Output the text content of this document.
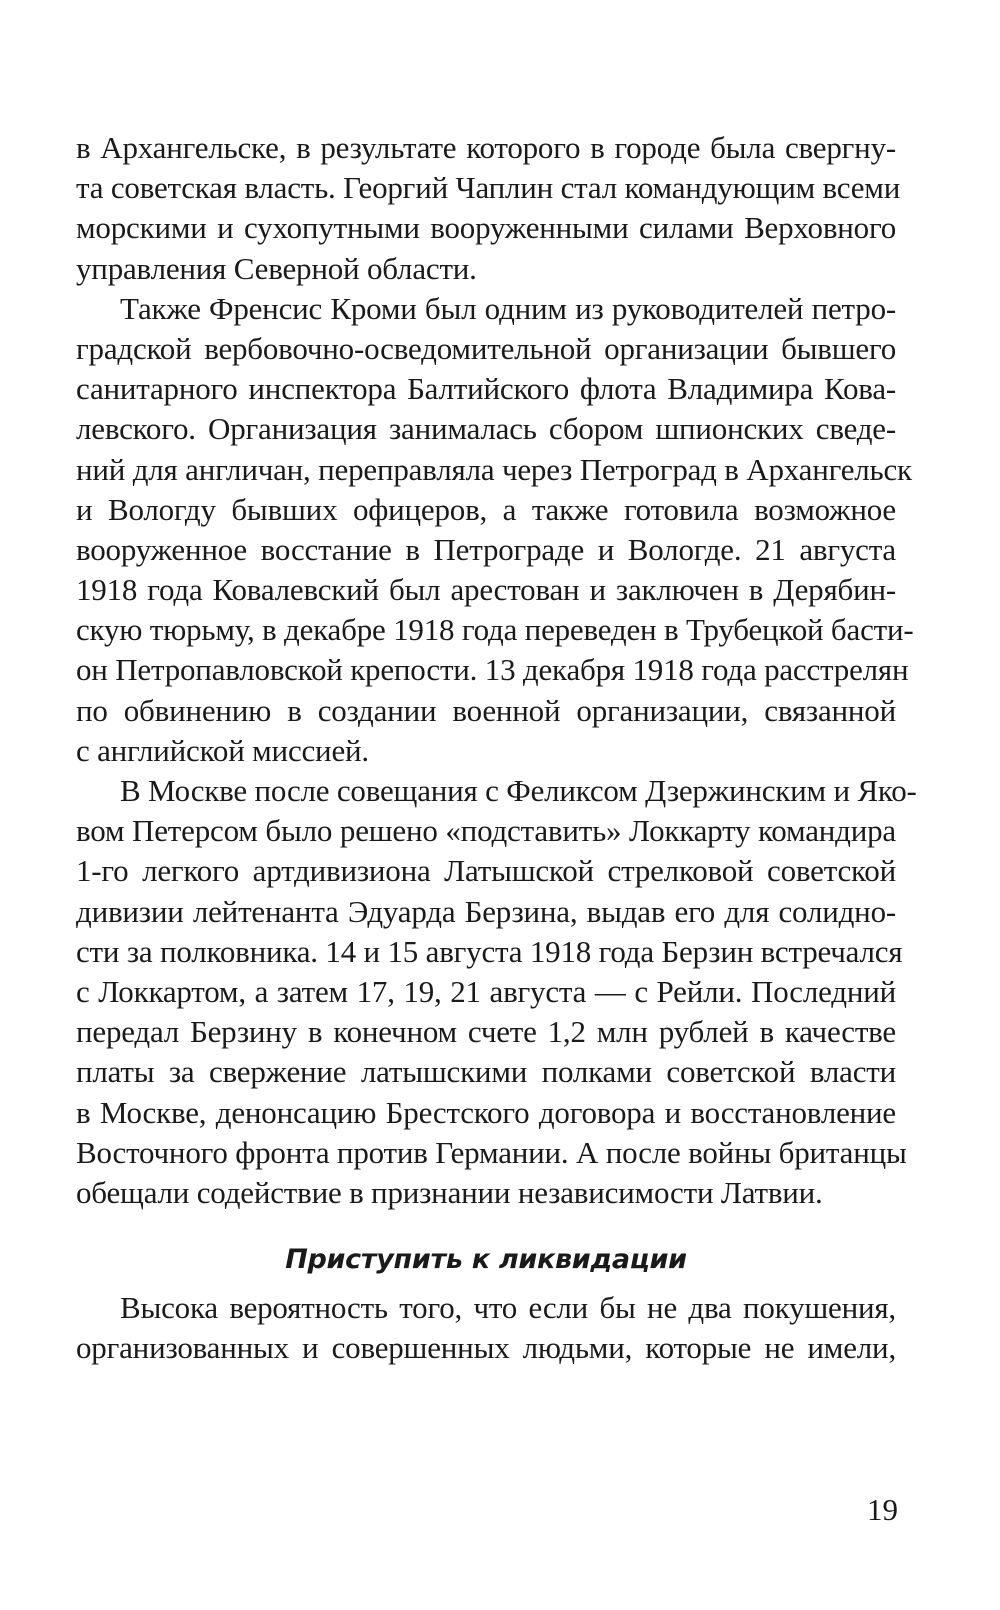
в Архангельске, в результате которого в городе была свергну-
та советская власть. Георгий Чаплин стал командующим всеми
морскими и сухопутными вооруженными силами Верховного
управления Северной области.
Также Френсис Кроми был одним из руководителей петро-
градской вербовочно-осведомительной организации бывшего
санитарного инспектора Балтийского флота Владимира Кова-
левского. Организация занималась сбором шпионских сведе-
ний для англичан, переправляла через Петроград в Архангельск
и Вологду бывших офицеров, а также готовила возможное
вооруженное восстание в Петрограде и Вологде. 21 августа
1918 года Ковалевский был арестован и заключен в Дерябин-
скую тюрьму, в декабре 1918 года переведен в Трубецкой басти-
он Петропавловской крепости. 13 декабря 1918 года расстрелян
по обвинению в создании военной организации, связанной
с английской миссией.
В Москве после совещания с Феликсом Дзержинским и Яко-
вом Петерсом было решено «подставить» Локкарту командира
1-го легкого артдивизиона Латышской стрелковой советской
дивизии лейтенанта Эдуарда Берзина, выдав его для солидно-
сти за полковника. 14 и 15 августа 1918 года Берзин встречался
с Локкартом, а затем 17, 19, 21 августа — с Рейли. Последний
передал Берзину в конечном счете 1,2 млн рублей в качестве
платы за свержение латышскими полками советской власти
в Москве, денонсацию Брестского договора и восстановление
Восточного фронта против Германии. А после войны британцы
обещали содействие в признании независимости Латвии.
Приступить к ликвидации
Высока вероятность того, что если бы не два покушения,
организованных и совершенных людьми, которые не имели,
19
